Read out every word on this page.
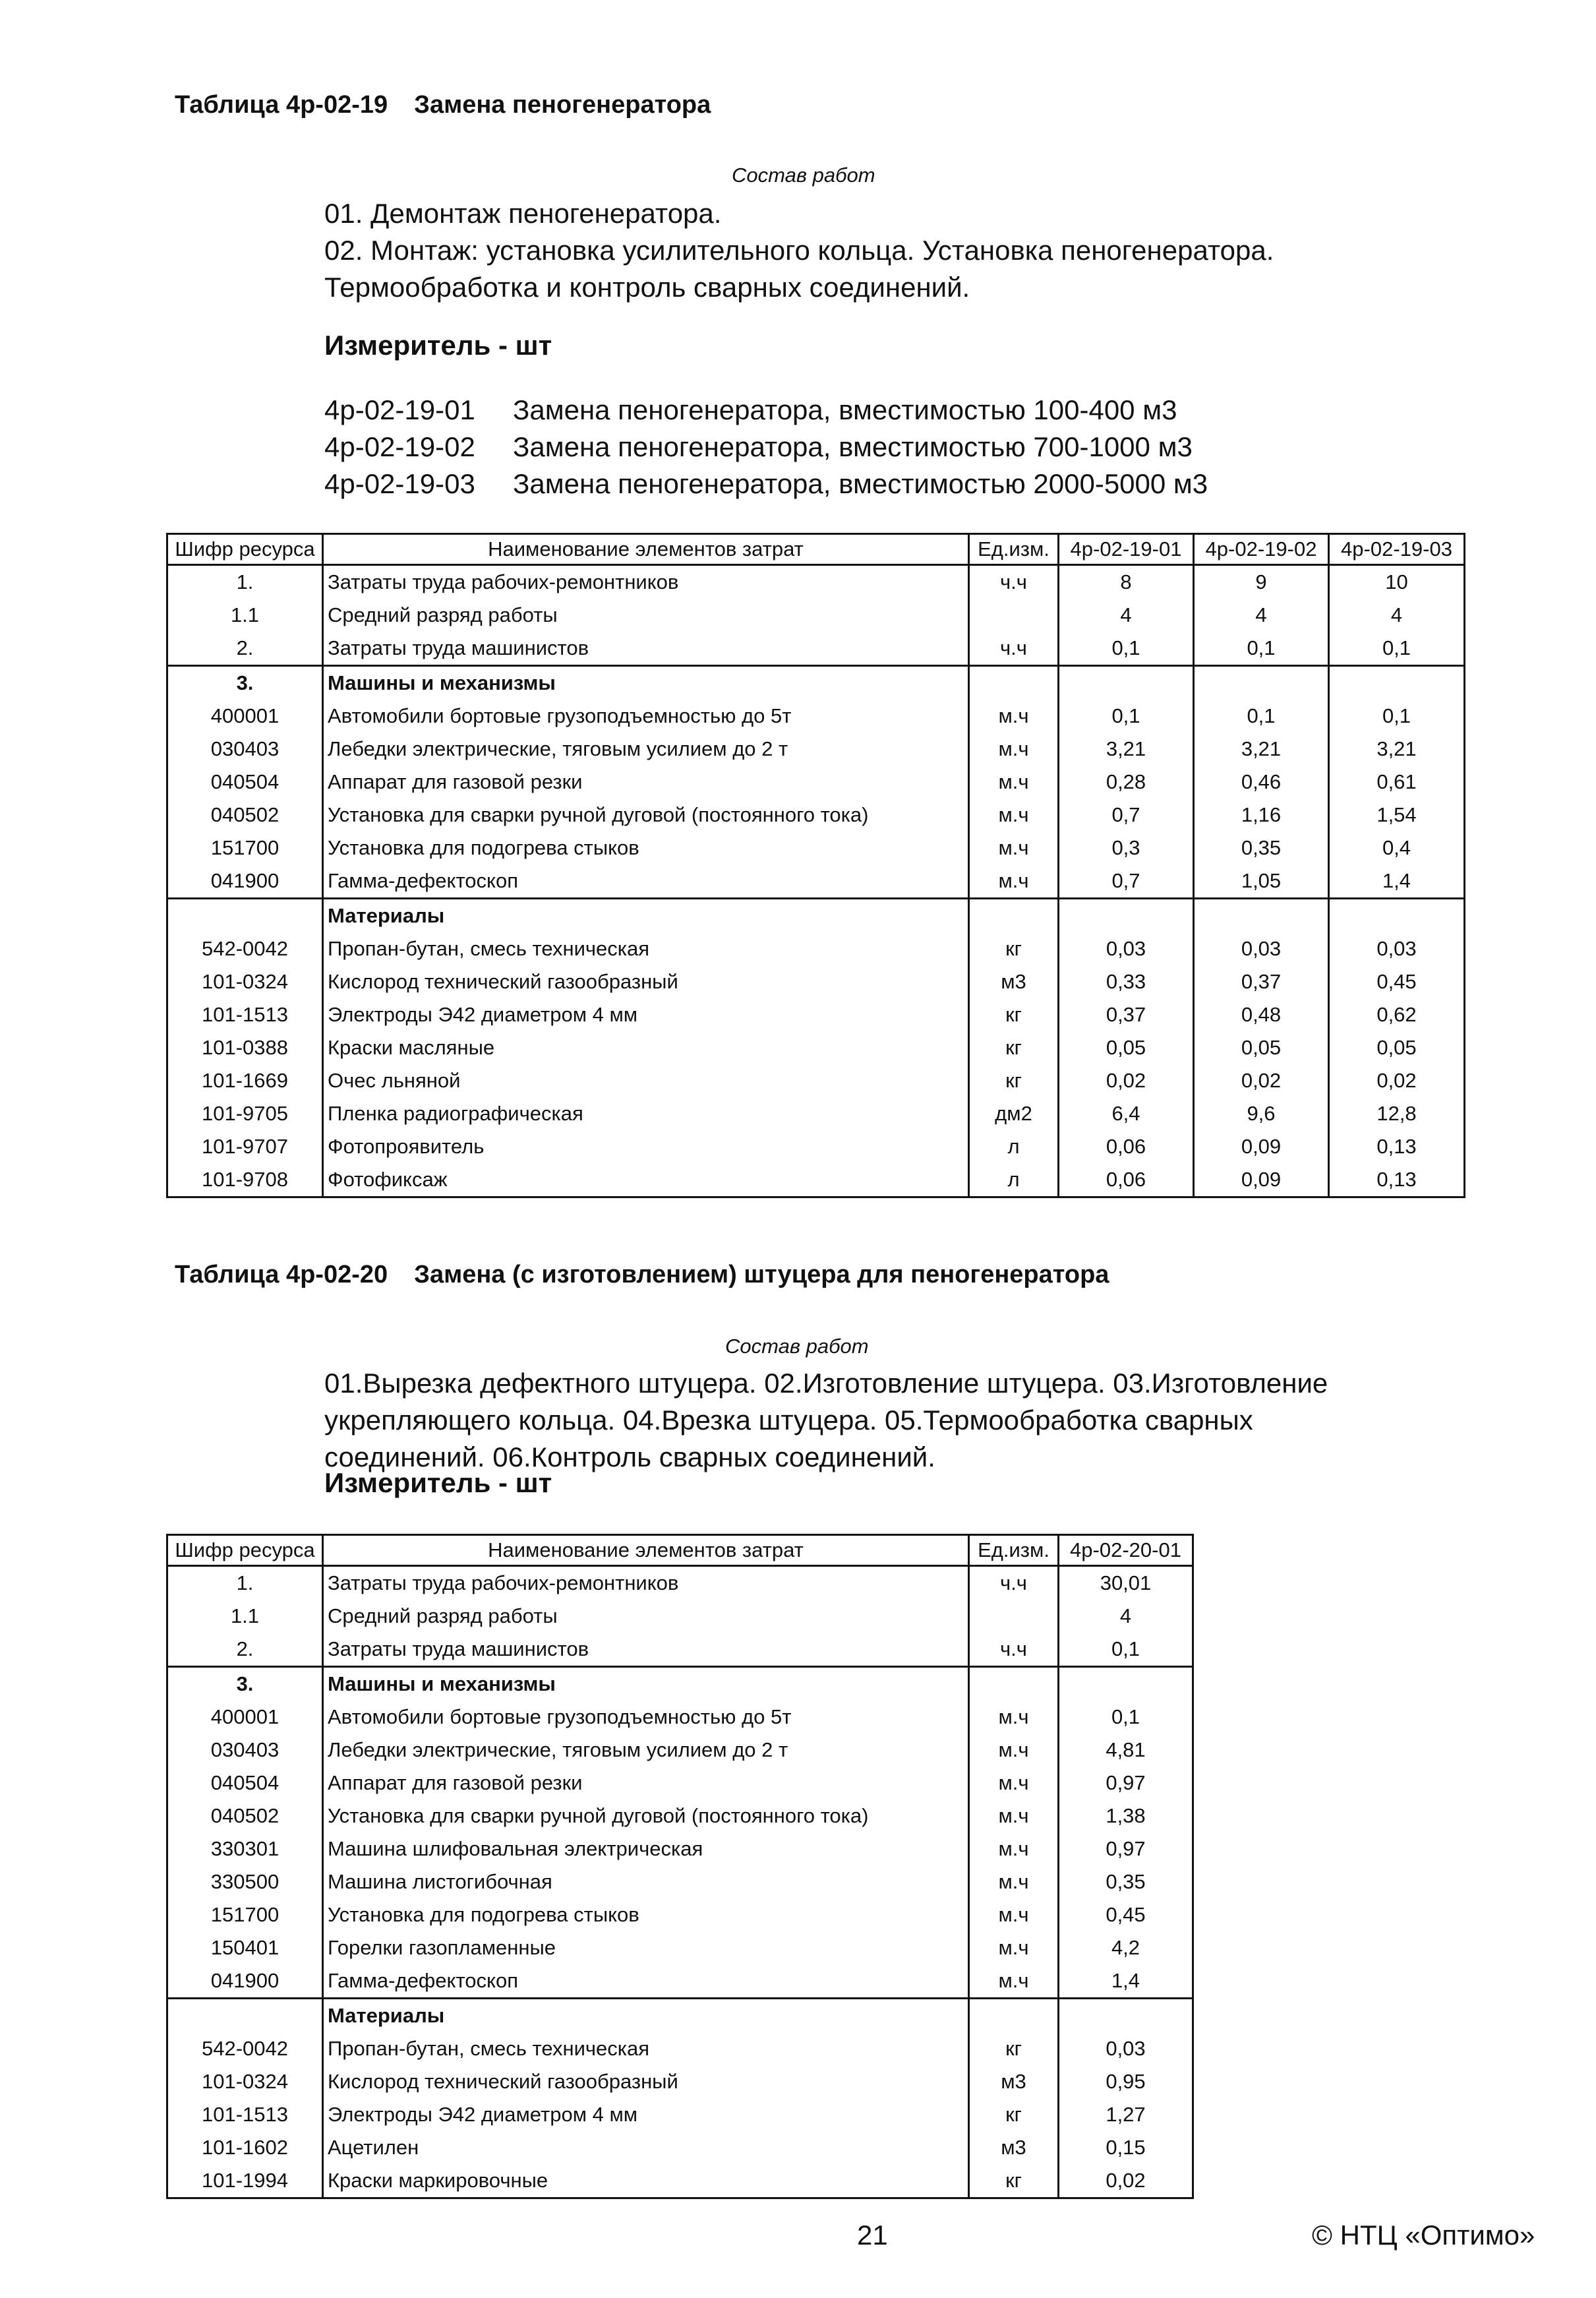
Таблица 4р-02-19 Замена пеногенератора
Состав работ
01. Демонтаж пеногенератора.
02. Монтаж: установка усилительного кольца. Установка пеногенератора.
Термообработка и контроль сварных соединений.
Измеритель - шт
4р-02-19-01 Замена пеногенератора, вместимостью 100-400 м3
4р-02-19-02 Замена пеногенератора, вместимостью 700-1000 м3
4р-02-19-03 Замена пеногенератора, вместимостью 2000-5000 м3
Шифр ресурса	Наименование элементов затрат	Ед.изм.	4р-02-19-01	4р-02-19-02	4р-02-19-03
1.	Затраты труда рабочих-ремонтников	ч.ч	8	9	10
1.1	Средний разряд работы		4	4	4
2.	Затраты труда машинистов	ч.ч	0,1	0,1	0,1
3.	Машины и механизмы				
400001	Автомобили бортовые грузоподъемностью до 5т	м.ч	0,1	0,1	0,1
030403	Лебедки электрические, тяговым усилием до 2 т	м.ч	3,21	3,21	3,21
040504	Аппарат для газовой резки	м.ч	0,28	0,46	0,61
040502	Установка для сварки ручной дуговой (постоянного тока)	м.ч	0,7	1,16	1,54
151700	Установка для подогрева стыков	м.ч	0,3	0,35	0,4
041900	Гамма-дефектоскоп	м.ч	0,7	1,05	1,4
	Материалы				
542-0042	Пропан-бутан, смесь техническая	кг	0,03	0,03	0,03
101-0324	Кислород технический газообразный	м3	0,33	0,37	0,45
101-1513	Электроды Э42 диаметром 4 мм	кг	0,37	0,48	0,62
101-0388	Краски масляные	кг	0,05	0,05	0,05
101-1669	Очес льняной	кг	0,02	0,02	0,02
101-9705	Пленка радиографическая	дм2	6,4	9,6	12,8
101-9707	Фотопроявитель	л	0,06	0,09	0,13
101-9708	Фотофиксаж	л	0,06	0,09	0,13
Таблица 4р-02-20 Замена (с изготовлением) штуцера для пеногенератора
Состав работ
01.Вырезка дефектного штуцера. 02.Изготовление штуцера. 03.Изготовление
укрепляющего кольца. 04.Врезка штуцера. 05.Термообработка сварных
соединений. 06.Контроль сварных соединений.
Измеритель - шт
Шифр ресурса	Наименование элементов затрат	Ед.изм.	4р-02-20-01
1.	Затраты труда рабочих-ремонтников	ч.ч	30,01
1.1	Средний разряд работы		4
2.	Затраты труда машинистов	ч.ч	0,1
3.	Машины и механизмы		
400001	Автомобили бортовые грузоподъемностью до 5т	м.ч	0,1
030403	Лебедки электрические, тяговым усилием до 2 т	м.ч	4,81
040504	Аппарат для газовой резки	м.ч	0,97
040502	Установка для сварки ручной дуговой (постоянного тока)	м.ч	1,38
330301	Машина шлифовальная электрическая	м.ч	0,97
330500	Машина листогибочная	м.ч	0,35
151700	Установка для подогрева стыков	м.ч	0,45
150401	Горелки газопламенные	м.ч	4,2
041900	Гамма-дефектоскоп	м.ч	1,4
	Материалы		
542-0042	Пропан-бутан, смесь техническая	кг	0,03
101-0324	Кислород технический газообразный	м3	0,95
101-1513	Электроды Э42 диаметром 4 мм	кг	1,27
101-1602	Ацетилен	м3	0,15
101-1994	Краски маркировочные	кг	0,02
21	© НТЦ «Оптимо»
